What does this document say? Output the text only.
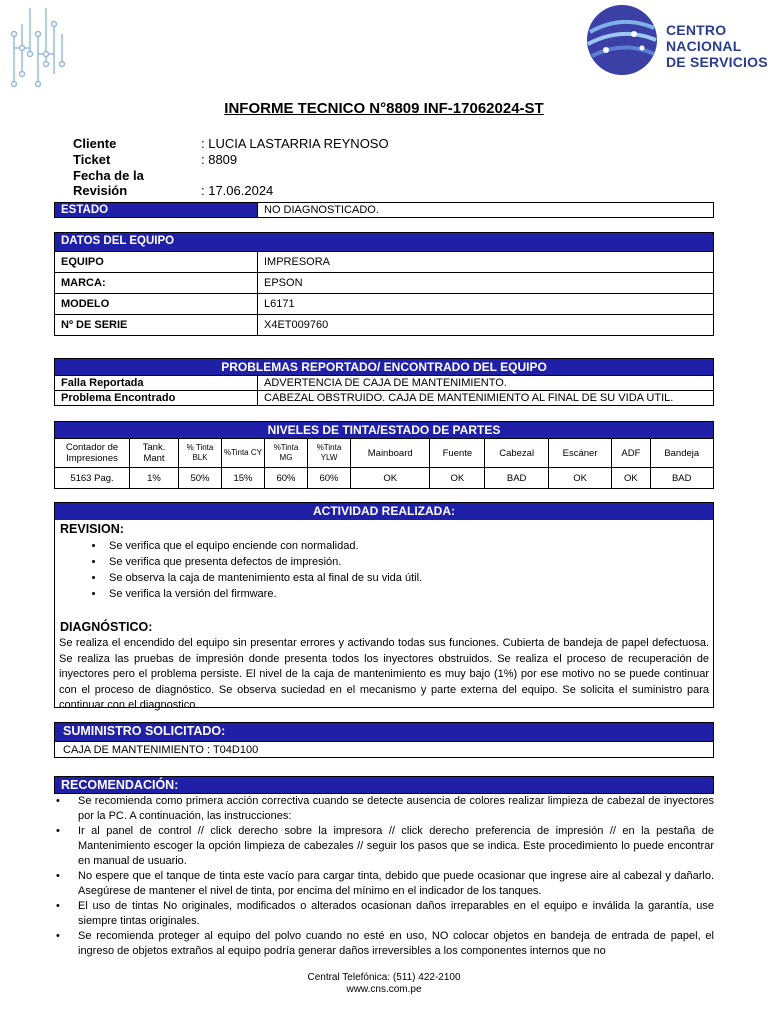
CENTRO
NACIONAL
DE SERVICIOS
INFORME TECNICO N°8809 INF-17062024-ST
Cliente	: LUCIA LASTARRIA REYNOSO
Ticket	: 8809
Fecha de la Revisión	: 17.06.2024
ESTADO	NO DIAGNOSTICADO.
DATOS DEL EQUIPO
EQUIPO	IMPRESORA
MARCA:	EPSON
MODELO	L6171
Nº DE SERIE	X4ET009760
PROBLEMAS REPORTADO/ ENCONTRADO DEL EQUIPO
Falla Reportada	ADVERTENCIA DE CAJA DE MANTENIMIENTO.
Problema Encontrado	CABEZAL OBSTRUIDO. CAJA DE MANTENIMIENTO AL FINAL DE SU VIDA UTIL.
NIVELES DE TINTA/ESTADO DE PARTES
Contador de Impresiones	Tank. Mant	% Tinta BLK	%Tinta CY	%Tinta MG	%Tinta YLW	Mainboard	Fuente	Cabezal	Escáner	ADF	Bandeja
5163 Pag.	1%	50%	15%	60%	60%	OK	OK	BAD	OK	OK	BAD
ACTIVIDAD REALIZADA:
REVISION:
• Se verifica que el equipo enciende con normalidad.
• Se verifica que presenta defectos de impresión.
• Se observa la caja de mantenimiento esta al final de su vida útil.
• Se verifica la versión del firmware.
DIAGNÓSTICO:
Se realiza el encendido del equipo sin presentar errores y activando todas sus funciones. Cubierta de bandeja de papel defectuosa. Se realiza las pruebas de impresión donde presenta todos los inyectores obstruidos. Se realiza el proceso de recuperación de inyectores pero el problema persiste. El nivel de la caja de mantenimiento es muy bajo (1%) por ese motivo no se puede continuar con el proceso de diagnóstico. Se observa suciedad en el mecanismo y parte externa del equipo. Se solicita el suministro para continuar con el diagnostico.
SUMINISTRO SOLICITADO:
CAJA DE MANTENIMIENTO : T04D100
RECOMENDACIÓN:
• Se recomienda como primera acción correctiva cuando se detecte ausencia de colores realizar limpieza de cabezal de inyectores por la PC. A continuación, las instrucciones:
• Ir al panel de control // click derecho sobre la impresora // click derecho preferencia de impresión // en la pestaña de Mantenimiento escoger la opción limpieza de cabezales // seguir los pasos que se indica. Este procedimiento lo puede encontrar en manual de usuario.
• No espere que el tanque de tinta este vacío para cargar tinta, debido que puede ocasionar que ingrese aire al cabezal y dañarlo. Asegúrese de mantener el nivel de tinta, por encima del mínimo en el indicador de los tanques.
• El uso de tintas No originales, modificados o alterados ocasionan daños irreparables en el equipo e inválida la garantía, use siempre tintas originales.
• Se recomienda proteger al equipo del polvo cuando no esté en uso, NO colocar objetos en bandeja de entrada de papel, el ingreso de objetos extraños al equipo podría generar daños irreversibles a los componentes internos que no
Central Telefónica: (511) 422-2100
www.cns.com.pe
